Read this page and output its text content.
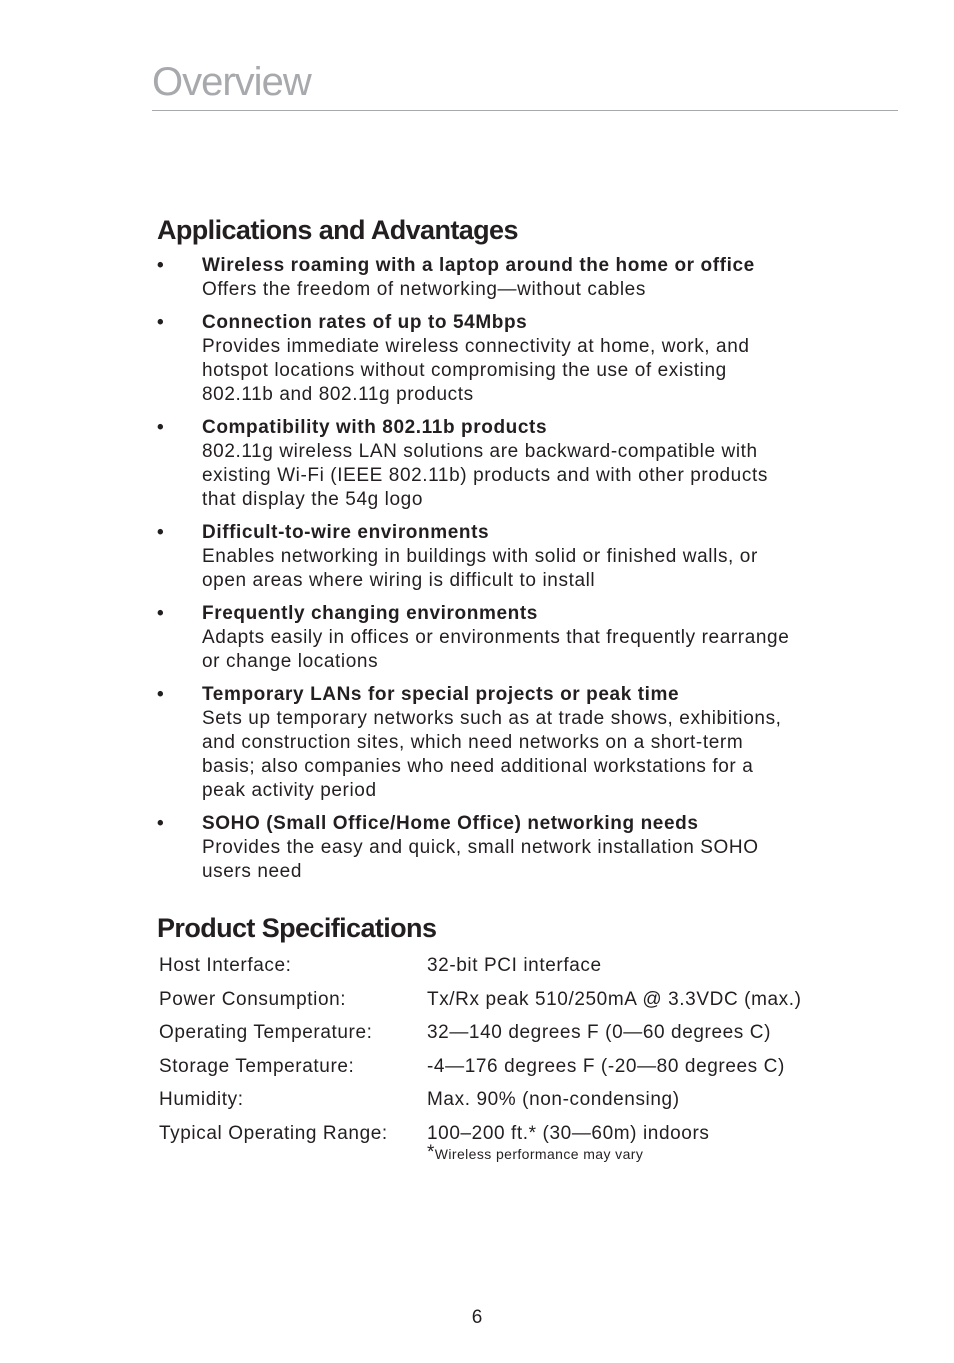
Overview
Applications and Advantages
• Wireless roaming with a laptop around the home or office
Offers the freedom of networking—without cables
• Connection rates of up to 54Mbps
Provides immediate wireless connectivity at home, work, and
hotspot locations without compromising the use of existing
802.11b and 802.11g products
• Compatibility with 802.11b products
802.11g wireless LAN solutions are backward-compatible with
existing Wi-Fi (IEEE 802.11b) products and with other products
that display the 54g logo
• Difficult-to-wire environments
Enables networking in buildings with solid or finished walls, or
open areas where wiring is difficult to install
• Frequently changing environments
Adapts easily in offices or environments that frequently rearrange
or change locations
• Temporary LANs for special projects or peak time
Sets up temporary networks such as at trade shows, exhibitions,
and construction sites, which need networks on a short-term
basis; also companies who need additional workstations for a
peak activity period
• SOHO (Small Office/Home Office) networking needs
Provides the easy and quick, small network installation SOHO
users need
Product Specifications
Host Interface:	32-bit PCI interface
Power Consumption:	Tx/Rx peak 510/250mA @ 3.3VDC (max.)
Operating Temperature:	32—140 degrees F (0—60 degrees C)
Storage Temperature:	-4—176 degrees F (-20—80 degrees C)
Humidity:	Max. 90% (non-condensing)
Typical Operating Range:	100–200 ft.* (30—60m) indoors
*Wireless performance may vary
6
